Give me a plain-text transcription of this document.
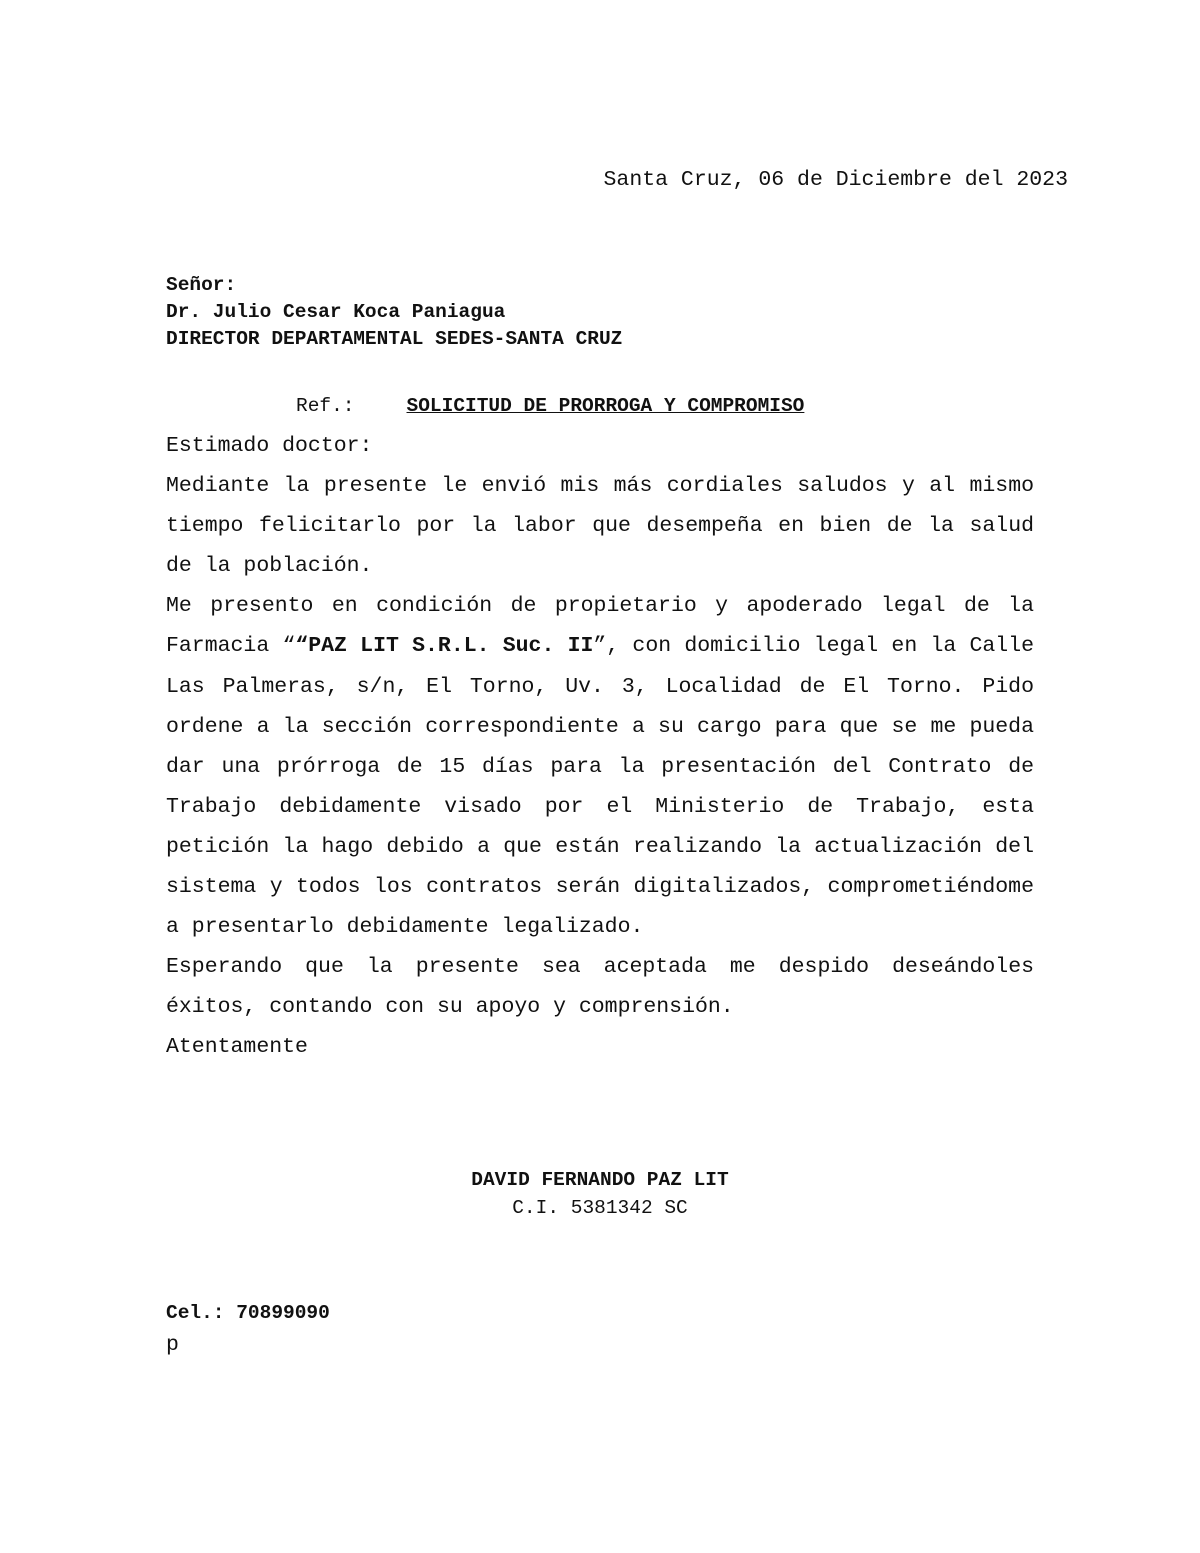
Santa Cruz, 06 de Diciembre del 2023
Señor:
Dr. Julio Cesar Koca Paniagua
DIRECTOR DEPARTAMENTAL SEDES-SANTA CRUZ
Ref.:	SOLICITUD DE PRORROGA Y COMPROMISO

Estimado doctor:

Mediante la presente le envió mis más cordiales saludos y al mismo tiempo felicitarlo por la labor que desempeña en bien de la salud de la población.

Me presento en condición de propietario y apoderado legal de la Farmacia ““PAZ LIT S.R.L. Suc. II”, con domicilio legal en la Calle Las Palmeras, s/n, El Torno, Uv. 3, Localidad de El Torno. Pido ordene a la sección correspondiente a su cargo para que se me pueda dar una prórroga de 15 días para la presentación del Contrato de Trabajo debidamente visado por el Ministerio de Trabajo, esta petición la hago debido a que están realizando la actualización del sistema y todos los contratos serán digitalizados, comprometiéndome a presentarlo debidamente legalizado.

Esperando que la presente sea aceptada me despido deseándoles éxitos, contando con su apoyo y comprensión.

Atentamente

DAVID FERNANDO PAZ LIT
C.I. 5381342 SC
Cel.: 70899090
p
